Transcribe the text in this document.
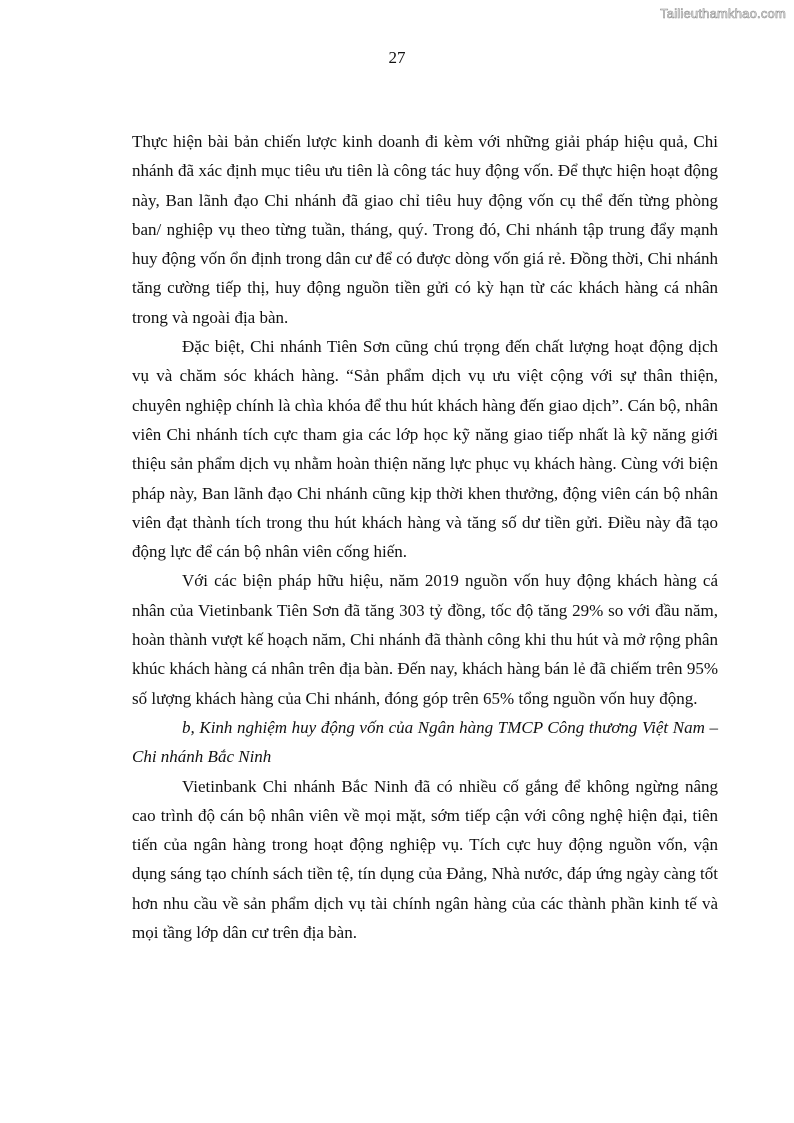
Tailieuthamkhao.com
27

Thực hiện bài bản chiến lược kinh doanh đi kèm với những giải pháp hiệu quả, Chi nhánh đã xác định mục tiêu ưu tiên là công tác huy động vốn. Để thực hiện hoạt động này, Ban lãnh đạo Chi nhánh đã giao chỉ tiêu huy động vốn cụ thể đến từng phòng ban/ nghiệp vụ theo từng tuần, tháng, quý. Trong đó, Chi nhánh tập trung đẩy mạnh huy động vốn ổn định trong dân cư để có được dòng vốn giá rẻ. Đồng thời, Chi nhánh tăng cường tiếp thị, huy động nguồn tiền gửi có kỳ hạn từ các khách hàng cá nhân trong và ngoài địa bàn.

Đặc biệt, Chi nhánh Tiên Sơn cũng chú trọng đến chất lượng hoạt động dịch vụ và chăm sóc khách hàng. “Sản phẩm dịch vụ ưu việt cộng với sự thân thiện, chuyên nghiệp chính là chìa khóa để thu hút khách hàng đến giao dịch”. Cán bộ, nhân viên Chi nhánh tích cực tham gia các lớp học kỹ năng giao tiếp nhất là kỹ năng giới thiệu sản phẩm dịch vụ nhằm hoàn thiện năng lực phục vụ khách hàng. Cùng với biện pháp này, Ban lãnh đạo Chi nhánh cũng kịp thời khen thưởng, động viên cán bộ nhân viên đạt thành tích trong thu hút khách hàng và tăng số dư tiền gửi. Điều này đã tạo động lực để cán bộ nhân viên cống hiến.

Với các biện pháp hữu hiệu, năm 2019 nguồn vốn huy động khách hàng cá nhân của Vietinbank Tiên Sơn đã tăng 303 tỷ đồng, tốc độ tăng 29% so với đầu năm, hoàn thành vượt kế hoạch năm, Chi nhánh đã thành công khi thu hút và mở rộng phân khúc khách hàng cá nhân trên địa bàn. Đến nay, khách hàng bán lẻ đã chiếm trên 95% số lượng khách hàng của Chi nhánh, đóng góp trên 65% tổng nguồn vốn huy động.

b, Kinh nghiệm huy động vốn của Ngân hàng TMCP Công thương Việt Nam – Chi nhánh Bắc Ninh

Vietinbank Chi nhánh Bắc Ninh đã có nhiều cố gắng để không ngừng nâng cao trình độ cán bộ nhân viên về mọi mặt, sớm tiếp cận với công nghệ hiện đại, tiên tiến của ngân hàng trong hoạt động nghiệp vụ. Tích cực huy động nguồn vốn, vận dụng sáng tạo chính sách tiền tệ, tín dụng của Đảng, Nhà nước, đáp ứng ngày càng tốt hơn nhu cầu về sản phẩm dịch vụ tài chính ngân hàng của các thành phần kinh tế và mọi tầng lớp dân cư trên địa bàn.
